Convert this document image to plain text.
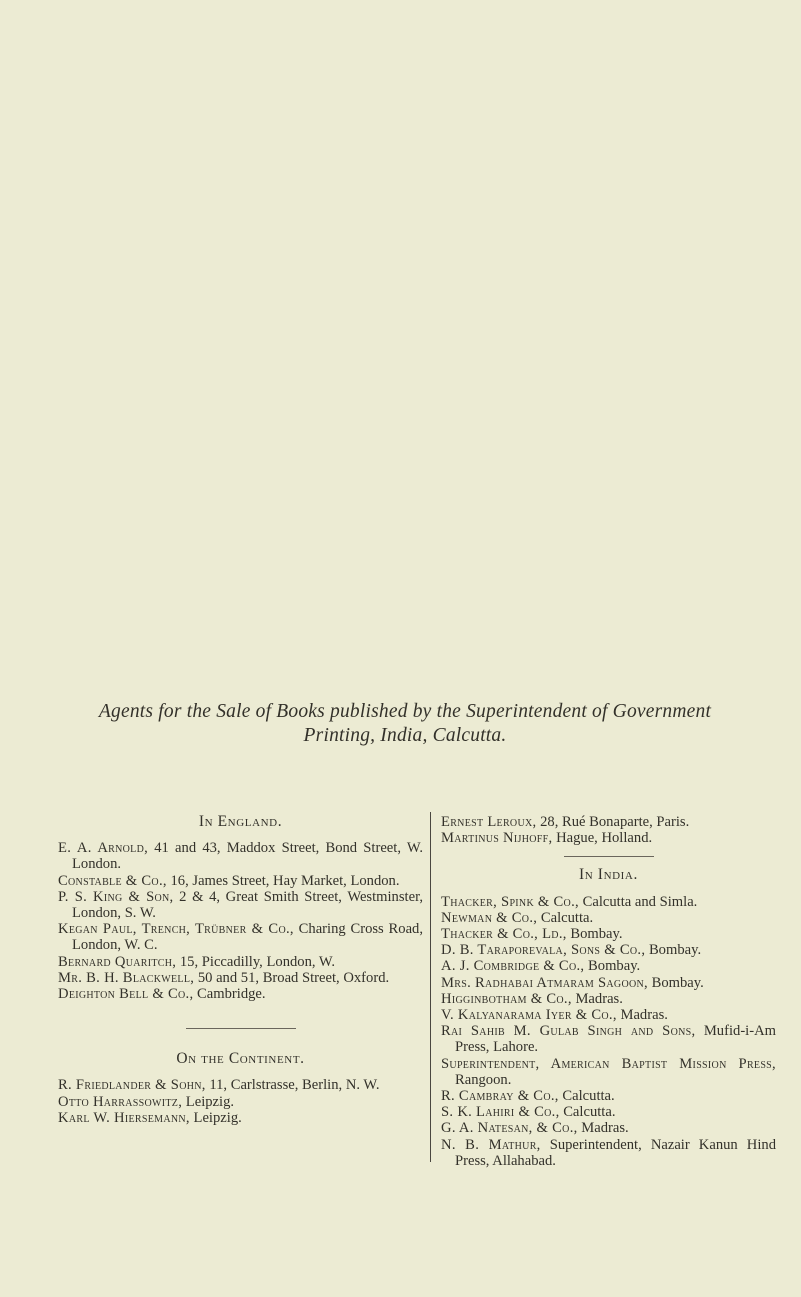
Agents for the Sale of Books published by the Superintendent of Government
Printing, India, Calcutta.
In England.
E. A. Arnold, 41 and 43, Maddox Street, Bond Street, W. London.
Constable & Co., 16, James Street, Hay Market, London.
P. S. King & Son, 2 & 4, Great Smith Street, Westminster, London, S. W.
Kegan Paul, Trench, Trübner & Co., Charing Cross Road, London, W. C.
Bernard Quaritch, 15, Piccadilly, London, W.
Mr. B. H. Blackwell, 50 and 51, Broad Street, Oxford.
Deighton Bell & Co., Cambridge.
On the Continent.
R. Friedlander & Sohn, 11, Carlstrasse, Berlin, N. W.
Otto Harrassowitz, Leipzig.
Karl W. Hiersemann, Leipzig.
Ernest Leroux, 28, Rué Bonaparte, Paris.
Martinus Nijhoff, Hague, Holland.
In India.
Thacker, Spink & Co., Calcutta and Simla.
Newman & Co., Calcutta.
Thacker & Co., Ld., Bombay.
D. B. Taraporevala, Sons & Co., Bombay.
A. J. Combridge & Co., Bombay.
Mrs. Radhabai Atmaram Sagoon, Bombay.
Higginbotham & Co., Madras.
V. Kalyanarama Iyer & Co., Madras.
Rai Sahib M. Gulab Singh and Sons, Mufid-i-Am Press, Lahore.
Superintendent, American Baptist Mission Press, Rangoon.
R. Cambray & Co., Calcutta.
S. K. Lahiri & Co., Calcutta.
G. A. Natesan, & Co., Madras.
N. B. Mathur, Superintendent, Nazair Kanun Hind Press, Allahabad.
